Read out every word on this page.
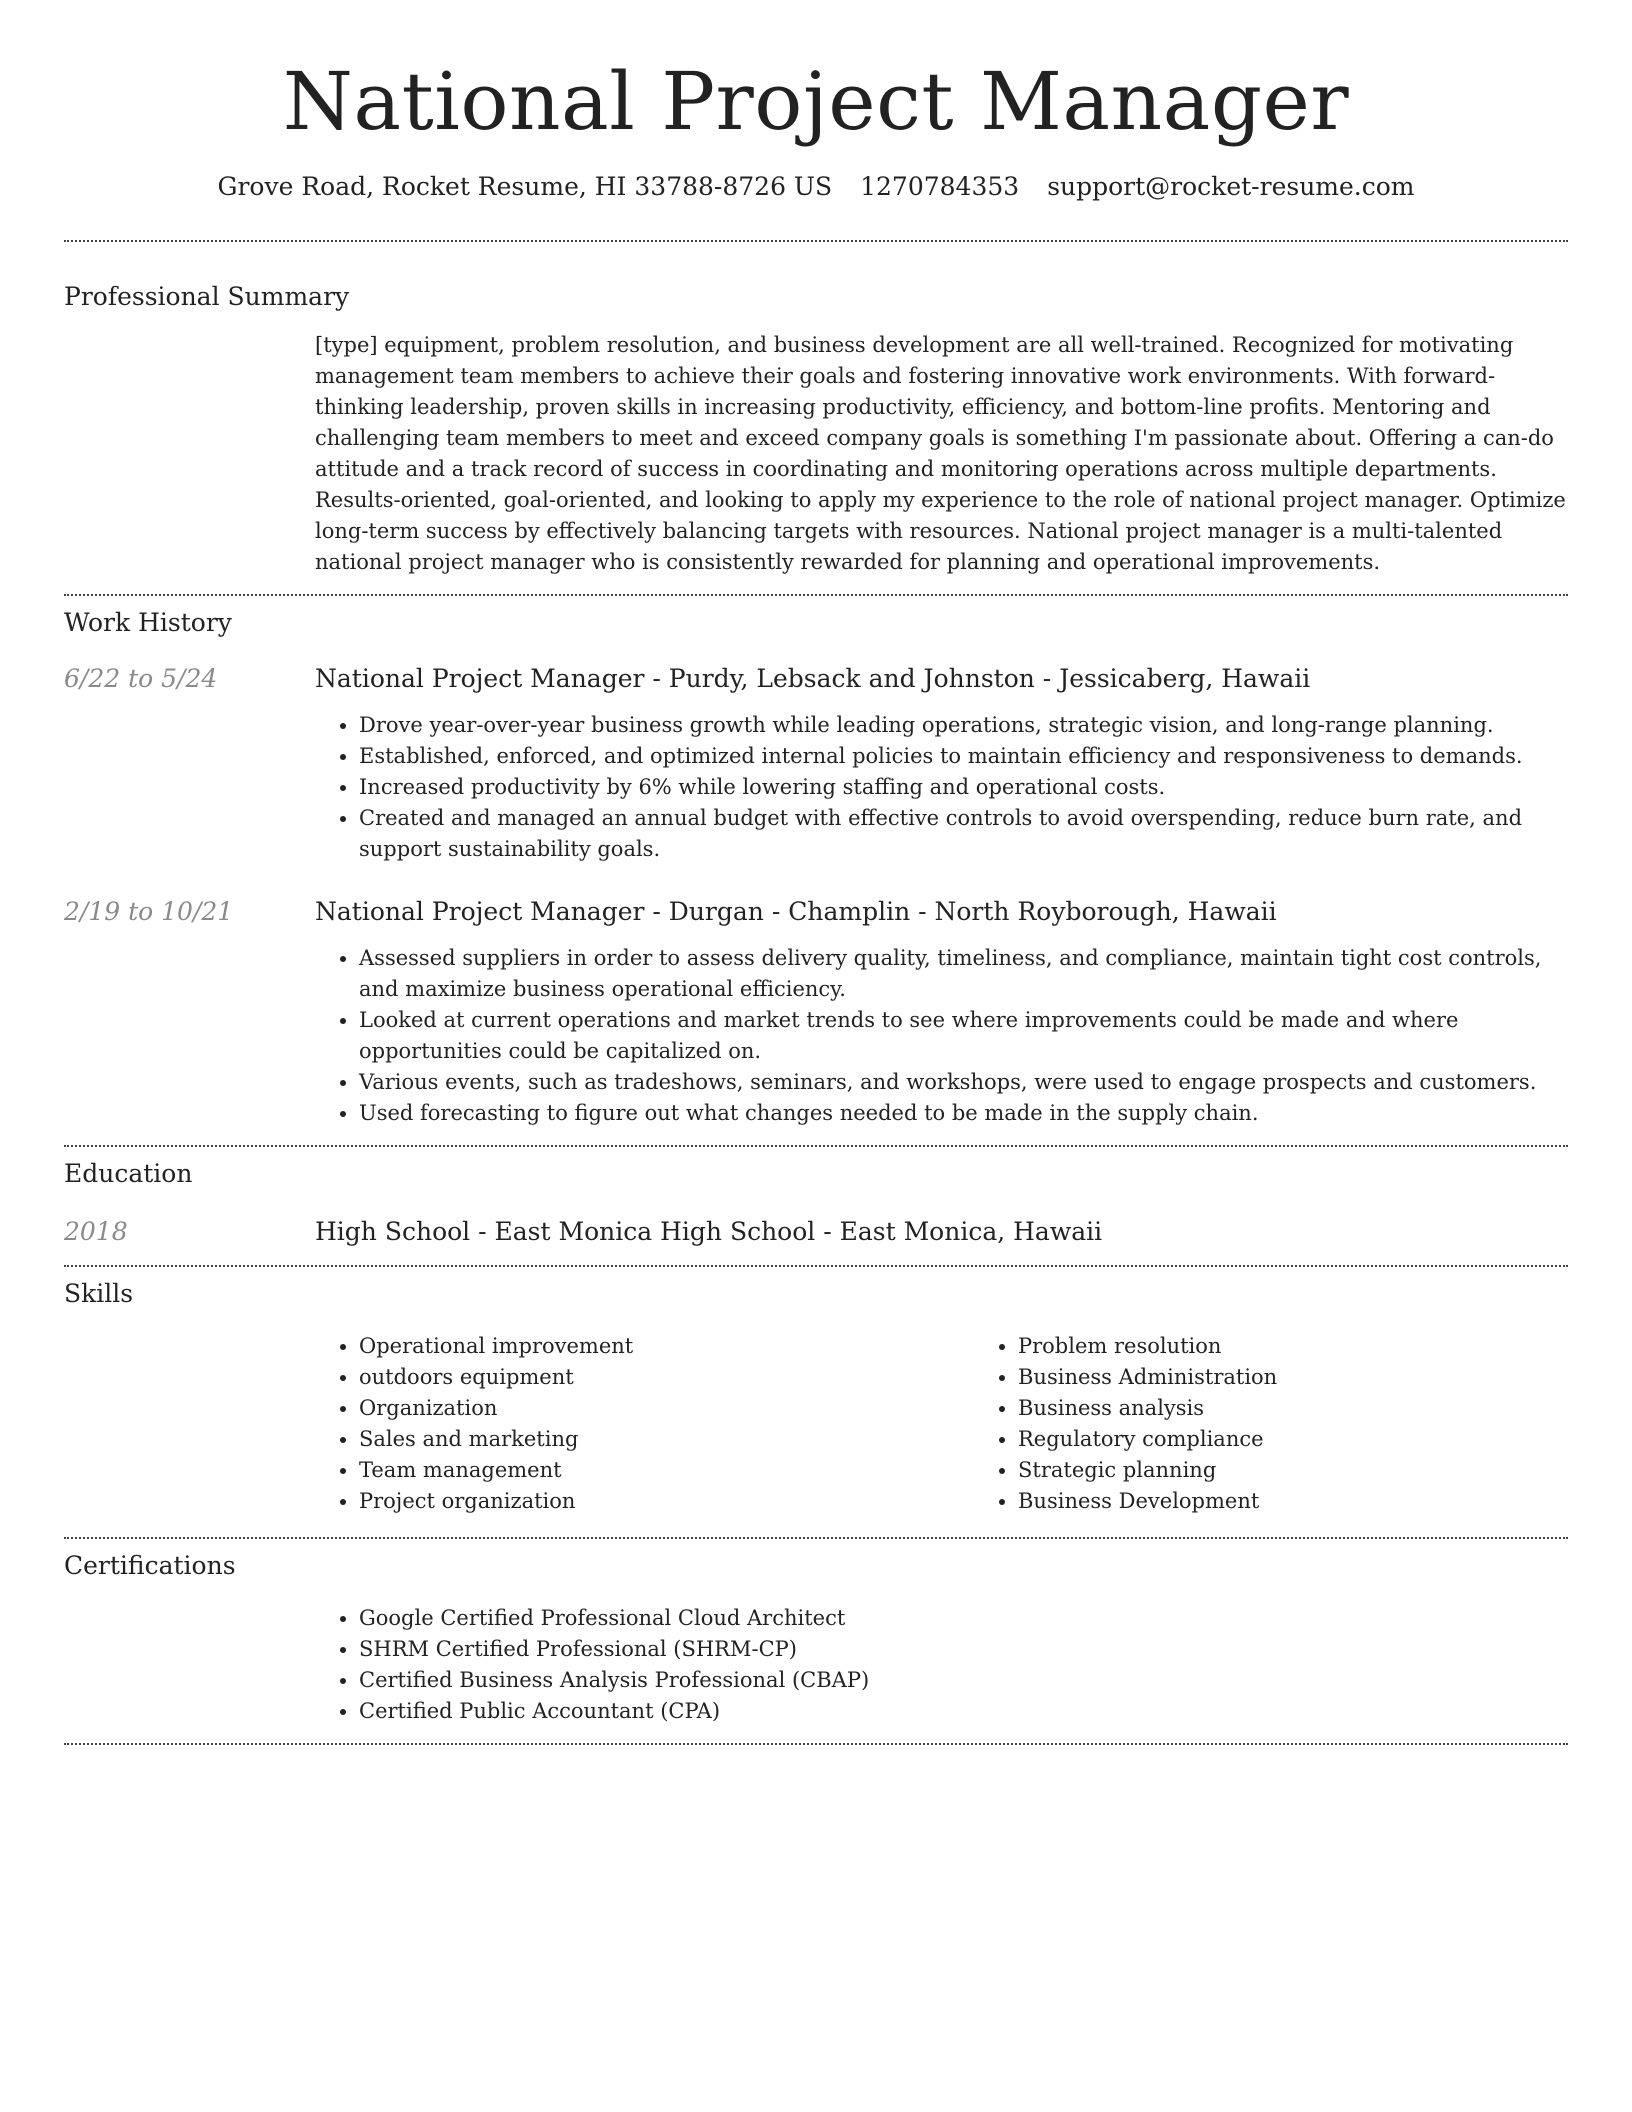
National Project Manager
Grove Road, Rocket Resume, HI 33788-8726 US 1270784353 support@rocket-resume.com
Professional Summary
[type] equipment, problem resolution, and business development are all well-trained. Recognized for motivating management team members to achieve their goals and fostering innovative work environments. With forward-thinking leadership, proven skills in increasing productivity, efficiency, and bottom-line profits. Mentoring and challenging team members to meet and exceed company goals is something I'm passionate about. Offering a can-do attitude and a track record of success in coordinating and monitoring operations across multiple departments. Results-oriented, goal-oriented, and looking to apply my experience to the role of national project manager. Optimize long-term success by effectively balancing targets with resources. National project manager is a multi-talented national project manager who is consistently rewarded for planning and operational improvements.
Work History
6/22 to 5/24	National Project Manager - Purdy, Lebsack and Johnston - Jessicaberg, Hawaii
• Drove year-over-year business growth while leading operations, strategic vision, and long-range planning.
• Established, enforced, and optimized internal policies to maintain efficiency and responsiveness to demands.
• Increased productivity by 6% while lowering staffing and operational costs.
• Created and managed an annual budget with effective controls to avoid overspending, reduce burn rate, and support sustainability goals.
2/19 to 10/21	National Project Manager - Durgan - Champlin - North Royborough, Hawaii
• Assessed suppliers in order to assess delivery quality, timeliness, and compliance, maintain tight cost controls, and maximize business operational efficiency.
• Looked at current operations and market trends to see where improvements could be made and where opportunities could be capitalized on.
• Various events, such as tradeshows, seminars, and workshops, were used to engage prospects and customers.
• Used forecasting to figure out what changes needed to be made in the supply chain.
Education
2018	High School - East Monica High School - East Monica, Hawaii
Skills
• Operational improvement
• outdoors equipment
• Organization
• Sales and marketing
• Team management
• Project organization
• Problem resolution
• Business Administration
• Business analysis
• Regulatory compliance
• Strategic planning
• Business Development
Certifications
• Google Certified Professional Cloud Architect
• SHRM Certified Professional (SHRM-CP)
• Certified Business Analysis Professional (CBAP)
• Certified Public Accountant (CPA)
